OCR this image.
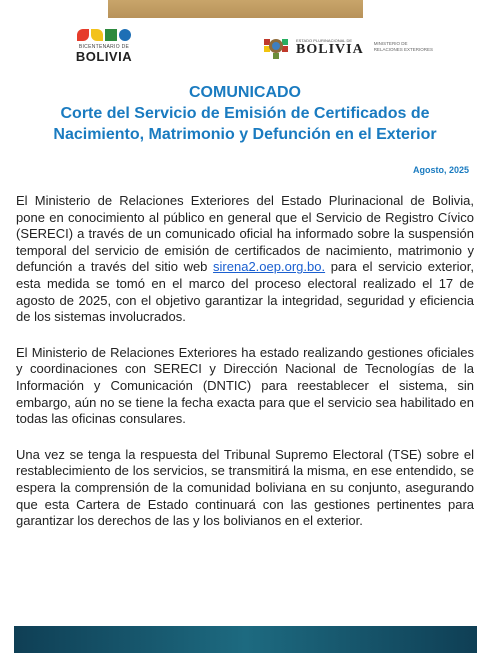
BICENTENARIO DE
BOLIVIA
ESTADO PLURINACIONAL DE
BOLIVIA MINISTERIO DE
RELACIONES EXTERIORES
COMUNICADO
Corte del Servicio de Emisión de Certificados de Nacimiento, Matrimonio y Defunción en el Exterior
Agosto, 2025

El Ministerio de Relaciones Exteriores del Estado Plurinacional de Bolivia, pone en conocimiento al público en general que el Servicio de Registro Cívico (SERECI) a través de un comunicado oficial ha informado sobre la suspensión temporal del servicio de emisión de certificados de nacimiento, matrimonio y defunción a través del sitio web sirena2.oep.org.bo. para el servicio exterior, esta medida se tomó en el marco del proceso electoral realizado el 17 de agosto de 2025, con el objetivo garantizar la integridad, seguridad y eficiencia de los sistemas involucrados.

El Ministerio de Relaciones Exteriores ha estado realizando gestiones oficiales y coordinaciones con SERECI y Dirección Nacional de Tecnologías de la Información y Comunicación (DNTIC) para reestablecer el sistema, sin embargo, aún no se tiene la fecha exacta para que el servicio sea habilitado en todas las oficinas consulares.

Una vez se tenga la respuesta del Tribunal Supremo Electoral (TSE) sobre el restablecimiento de los servicios, se transmitirá la misma, en ese entendido, se espera la comprensión de la comunidad boliviana en su conjunto, asegurando que esta Cartera de Estado continuará con las gestiones pertinentes para garantizar los derechos de las y los bolivianos en el exterior.
